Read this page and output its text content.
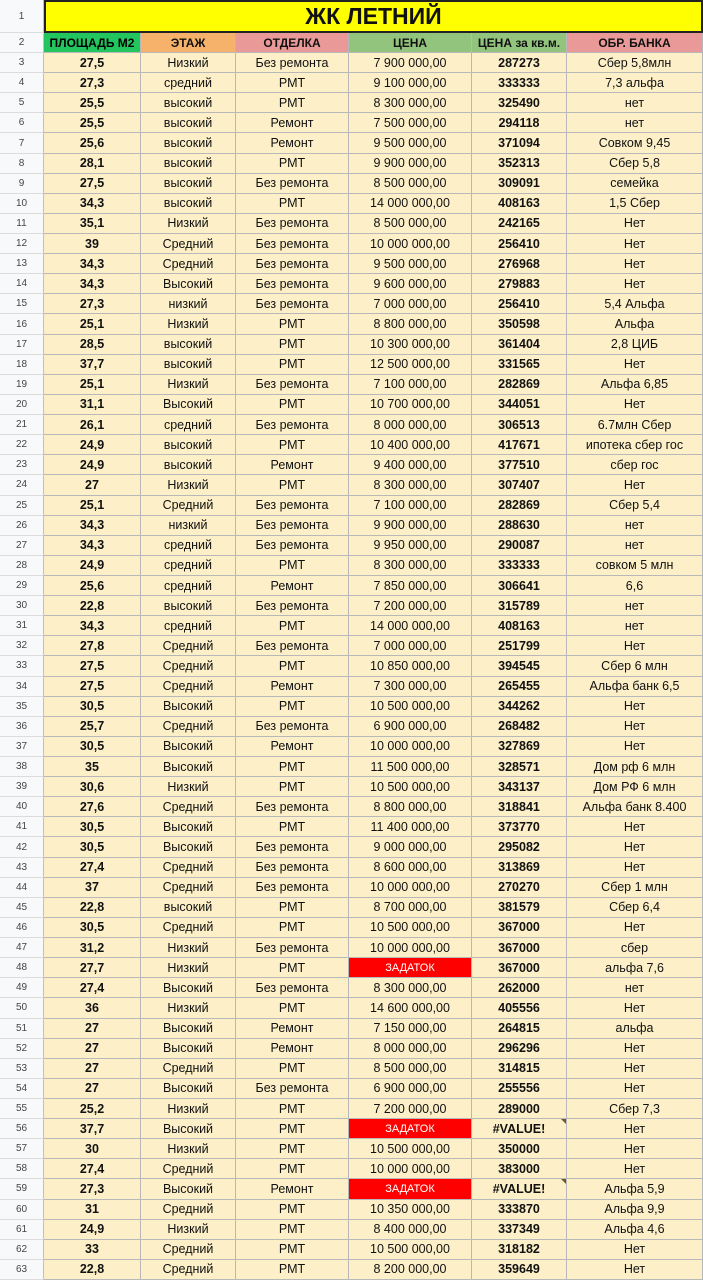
1	ЖК ЛЕТНИЙ
2	ПЛОЩАДЬ М2	ЭТАЖ	ОТДЕЛКА	ЦЕНА	ЦЕНА за кв.м.	ОБР. БАНКА
3	27,5	Низкий	Без ремонта	7 900 000,00	287273	Сбер 5,8млн
4	27,3	средний	РМТ	9 100 000,00	333333	7,3 альфа
5	25,5	высокий	РМТ	8 300 000,00	325490	нет
6	25,5	высокий	Ремонт	7 500 000,00	294118	нет
7	25,6	высокий	Ремонт	9 500 000,00	371094	Совком 9,45
8	28,1	высокий	РМТ	9 900 000,00	352313	Сбер 5,8
9	27,5	высокий	Без ремонта	8 500 000,00	309091	семейка
10	34,3	высокий	РМТ	14 000 000,00	408163	1,5 Сбер
11	35,1	Низкий	Без ремонта	8 500 000,00	242165	Нет
12	39	Средний	Без ремонта	10 000 000,00	256410	Нет
13	34,3	Средний	Без ремонта	9 500 000,00	276968	Нет
14	34,3	Высокий	Без ремонта	9 600 000,00	279883	Нет
15	27,3	низкий	Без ремонта	7 000 000,00	256410	5,4 Альфа
16	25,1	Низкий	РМТ	8 800 000,00	350598	Альфа
17	28,5	высокий	РМТ	10 300 000,00	361404	2,8 ЦИБ
18	37,7	высокий	РМТ	12 500 000,00	331565	Нет
19	25,1	Низкий	Без ремонта	7 100 000,00	282869	Альфа 6,85
20	31,1	Высокий	РМТ	10 700 000,00	344051	Нет
21	26,1	средний	Без ремонта	8 000 000,00	306513	6.7млн Сбер
22	24,9	высокий	РМТ	10 400 000,00	417671	ипотека сбер гос
23	24,9	высокий	Ремонт	9 400 000,00	377510	сбер гос
24	27	Низкий	РМТ	8 300 000,00	307407	Нет
25	25,1	Средний	Без ремонта	7 100 000,00	282869	Сбер 5,4
26	34,3	низкий	Без ремонта	9 900 000,00	288630	нет
27	34,3	средний	Без ремонта	9 950 000,00	290087	нет
28	24,9	средний	РМТ	8 300 000,00	333333	совком 5 млн
29	25,6	средний	Ремонт	7 850 000,00	306641	6,6
30	22,8	высокий	Без ремонта	7 200 000,00	315789	нет
31	34,3	средний	РМТ	14 000 000,00	408163	нет
32	27,8	Средний	Без ремонта	7 000 000,00	251799	Нет
33	27,5	Средний	РМТ	10 850 000,00	394545	Сбер 6 млн
34	27,5	Средний	Ремонт	7 300 000,00	265455	Альфа банк 6,5
35	30,5	Высокий	РМТ	10 500 000,00	344262	Нет
36	25,7	Средний	Без ремонта	6 900 000,00	268482	Нет
37	30,5	Высокий	Ремонт	10 000 000,00	327869	Нет
38	35	Высокий	РМТ	11 500 000,00	328571	Дом рф 6 млн
39	30,6	Низкий	РМТ	10 500 000,00	343137	Дом РФ 6 млн
40	27,6	Средний	Без ремонта	8 800 000,00	318841	Альфа банк 8.400
41	30,5	Высокий	РМТ	11 400 000,00	373770	Нет
42	30,5	Высокий	Без ремонта	9 000 000,00	295082	Нет
43	27,4	Средний	Без ремонта	8 600 000,00	313869	Нет
44	37	Средний	Без ремонта	10 000 000,00	270270	Сбер 1 млн
45	22,8	высокий	РМТ	8 700 000,00	381579	Сбер 6,4
46	30,5	Средний	РМТ	10 500 000,00	367000	Нет
47	31,2	Низкий	Без ремонта	10 000 000,00	367000	сбер
48	27,7	Низкий	РМТ	ЗАДАТОК	367000	альфа 7,6
49	27,4	Высокий	Без ремонта	8 300 000,00	262000	нет
50	36	Низкий	РМТ	14 600 000,00	405556	Нет
51	27	Высокий	Ремонт	7 150 000,00	264815	альфа
52	27	Высокий	Ремонт	8 000 000,00	296296	Нет
53	27	Средний	РМТ	8 500 000,00	314815	Нет
54	27	Высокий	Без ремонта	6 900 000,00	255556	Нет
55	25,2	Низкий	РМТ	7 200 000,00	289000	Сбер 7,3
56	37,7	Высокий	РМТ	ЗАДАТОК	#VALUE!	Нет
57	30	Низкий	РМТ	10 500 000,00	350000	Нет
58	27,4	Средний	РМТ	10 000 000,00	383000	Нет
59	27,3	Высокий	Ремонт	ЗАДАТОК	#VALUE!	Альфа 5,9
60	31	Средний	РМТ	10 350 000,00	333870	Альфа 9,9
61	24,9	Низкий	РМТ	8 400 000,00	337349	Альфа 4,6
62	33	Средний	РМТ	10 500 000,00	318182	Нет
63	22,8	Средний	РМТ	8 200 000,00	359649	Нет
